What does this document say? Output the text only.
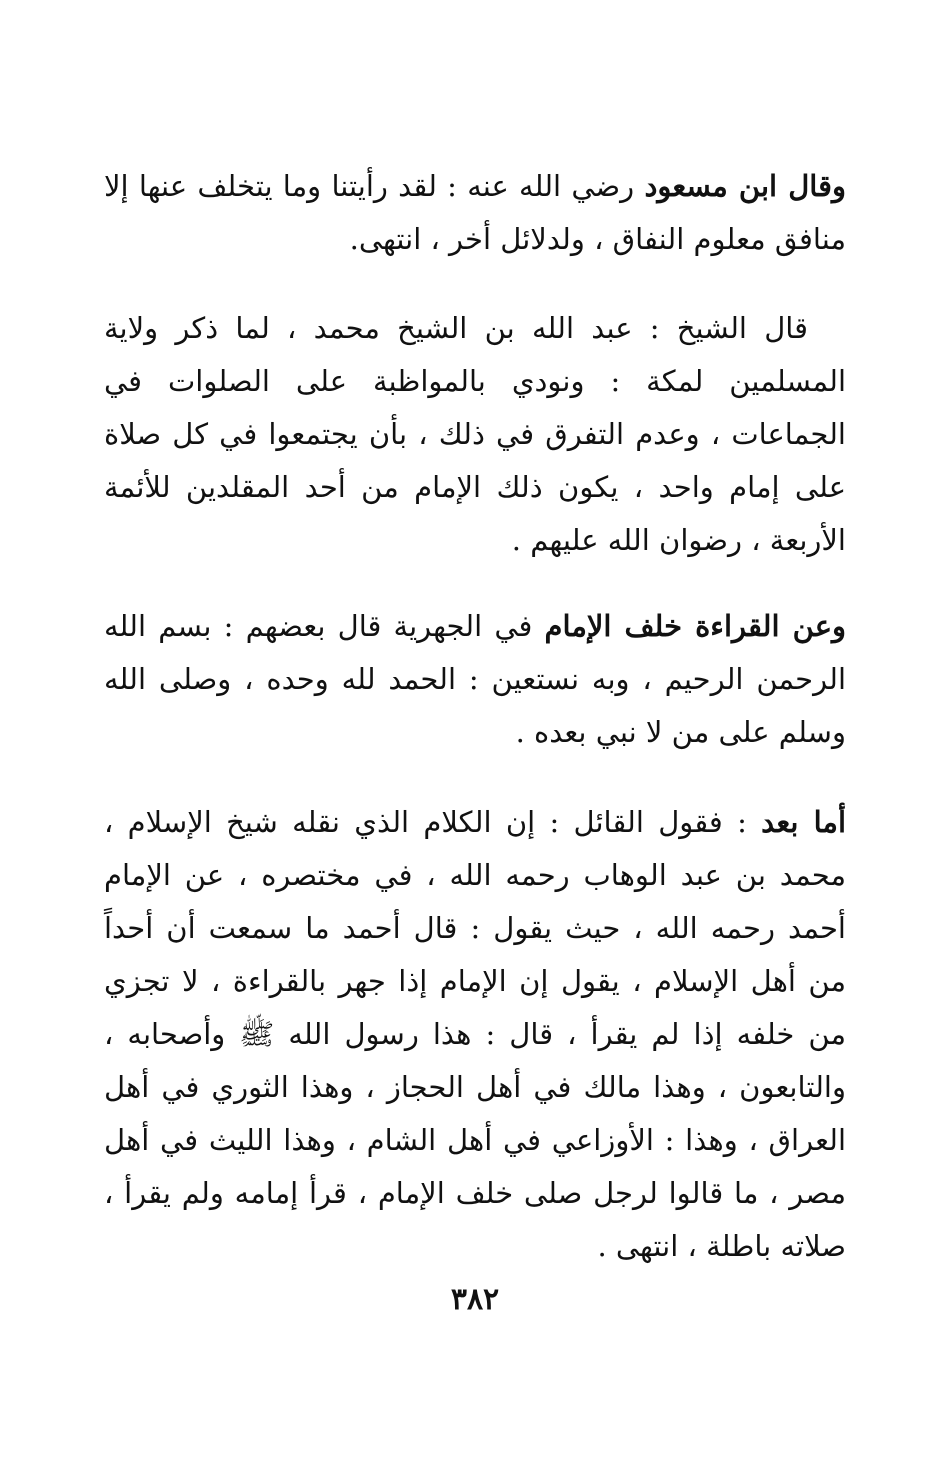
وقال ابن مسعود رضي الله عنه : لقد رأيتنا وما يتخلف عنها إلا منافق معلوم النفاق ، ولدلائل أخر ، انتهى.

قال الشيخ : عبد الله بن الشيخ محمد ، لما ذكر ولاية المسلمين لمكة : ونودي بالمواظبة على الصلوات في الجماعات ، وعدم التفرق في ذلك ، بأن يجتمعوا في كل صلاة على إمام واحد ، يكون ذلك الإمام من أحد المقلدين للأئمة الأربعة ، رضوان الله عليهم .

وعن القراءة خلف الإمام في الجهرية قال بعضهم : بسم الله الرحمن الرحيم ، وبه نستعين : الحمد لله وحده ، وصلى الله وسلم على من لا نبي بعده .

أما بعد : فقول القائل : إن الكلام الذي نقله شيخ الإسلام ، محمد بن عبد الوهاب رحمه الله ، في مختصره ، عن الإمام أحمد رحمه الله ، حيث يقول : قال أحمد ما سمعت أن أحداً من أهل الإسلام ، يقول إن الإمام إذا جهر بالقراءة ، لا تجزي من خلفه إذا لم يقرأ ، قال : هذا رسول الله ﷺ وأصحابه ، والتابعون ، وهذا مالك في أهل الحجاز ، وهذا الثوري في أهل العراق ، وهذا : الأوزاعي في أهل الشام ، وهذا الليث في أهل مصر ، ما قالوا لرجل صلى خلف الإمام ، قرأ إمامه ولم يقرأ ، صلاته باطلة ، انتهى .

٣٨٢
